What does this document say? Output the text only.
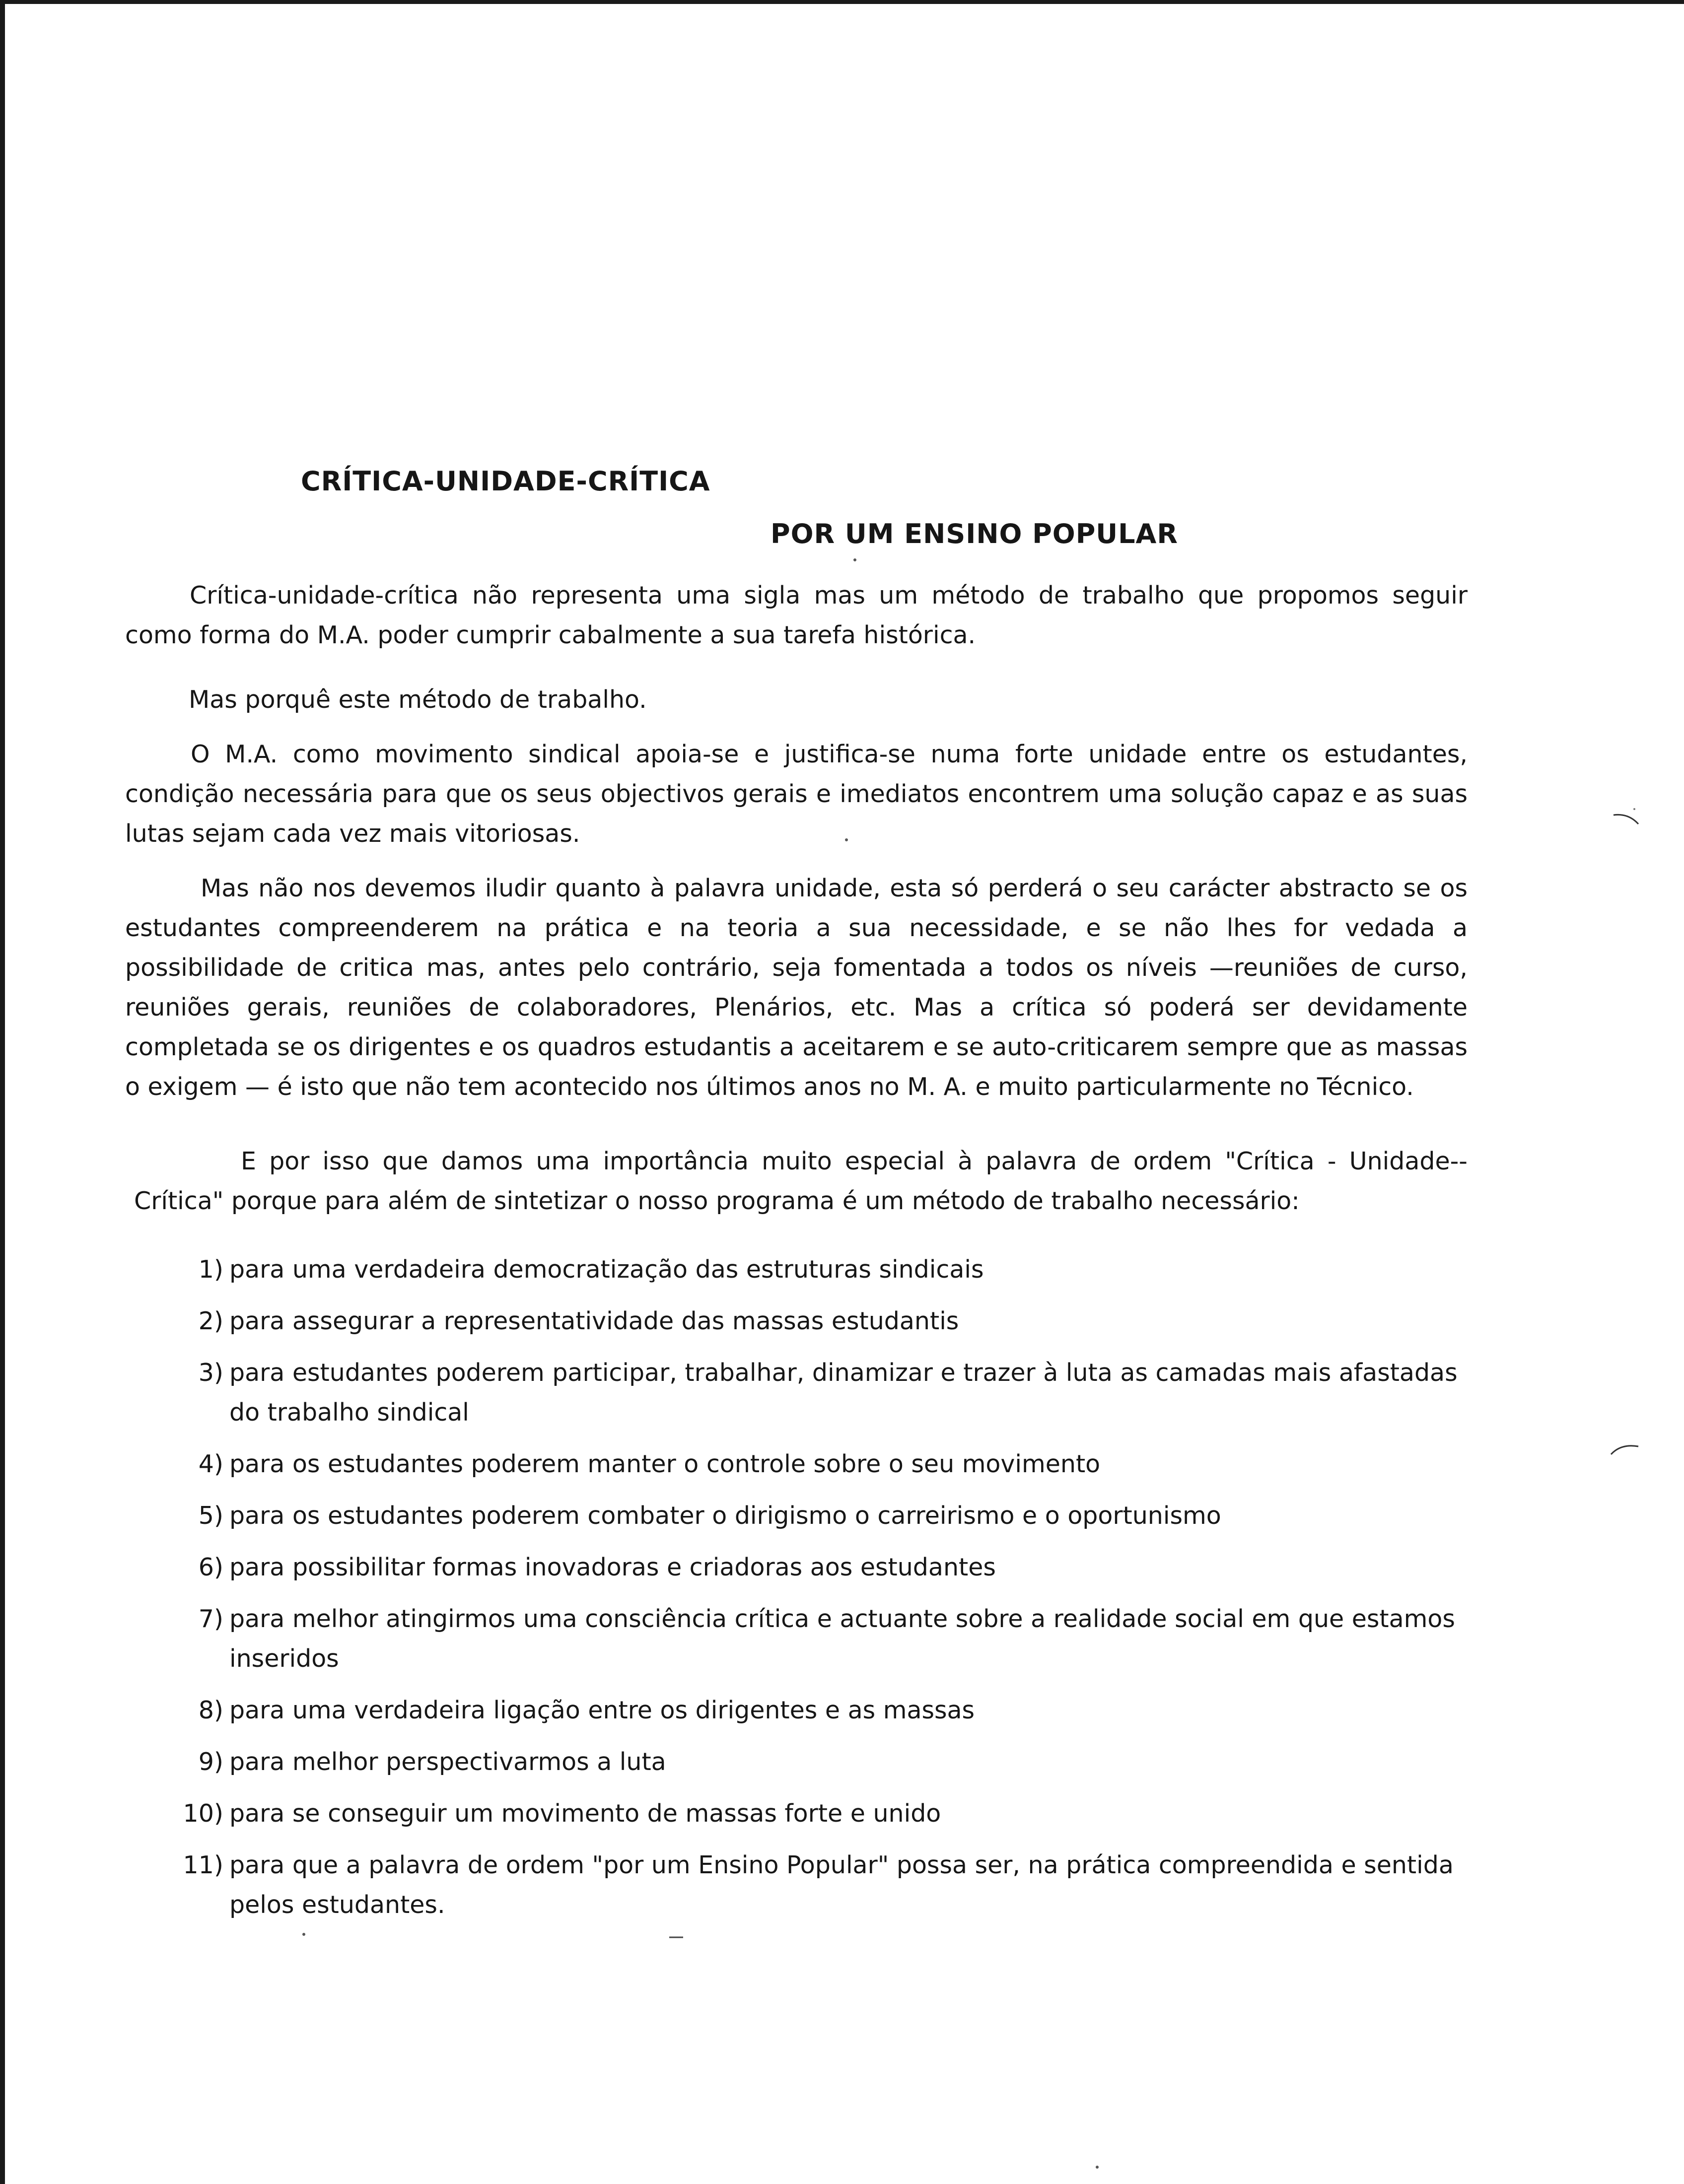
CRÍTICA-UNIDADE-CRÍTICA
POR UM ENSINO POPULAR

Crítica-unidade-crítica não representa uma sigla mas um método de trabalho que propomos seguir como forma do M.A. poder cumprir cabalmente a sua tarefa histórica.

Mas porquê este método de trabalho.

O M.A. como movimento sindical apoia-se e justifica-se numa forte unidade entre os estudantes, condição necessária para que os seus objectivos gerais e imediatos encontrem uma solução capaz e as suas lutas sejam cada vez mais vitoriosas.

Mas não nos devemos iludir quanto à palavra unidade, esta só perderá o seu carácter abstracto se os estudantes compreenderem na prática e na teoria a sua necessidade, e se não lhes for vedada a possibilidade de critica mas, antes pelo contrário, seja fomentada a todos os níveis —reuniões de curso, reuniões gerais, reuniões de colaboradores, Plenários, etc. Mas a crítica só poderá ser devidamente completada se os dirigentes e os quadros estudantis a aceitarem e se auto-criticarem sempre que as massas o exigem — é isto que não tem acontecido nos últimos anos no M. A. e muito particularmente no Técnico.

E por isso que damos uma importância muito especial à palavra de ordem "Crítica - Unidade--Crítica" porque para além de sintetizar o nosso programa é um método de trabalho necessário:

1) para uma verdadeira democratização das estruturas sindicais
2) para assegurar a representatividade das massas estudantis
3) para estudantes poderem participar, trabalhar, dinamizar e trazer à luta as camadas mais afastadas do trabalho sindical
4) para os estudantes poderem manter o controle sobre o seu movimento
5) para os estudantes poderem combater o dirigismo o carreirismo e o oportunismo
6) para possibilitar formas inovadoras e criadoras aos estudantes
7) para melhor atingirmos uma consciência crítica e actuante sobre a realidade social em que estamos inseridos
8) para uma verdadeira ligação entre os dirigentes e as massas
9) para melhor perspectivarmos a luta
10) para se conseguir um movimento de massas forte e unido
11) para que a palavra de ordem "por um Ensino Popular" possa ser, na prática compreendida e sentida pelos estudantes.
